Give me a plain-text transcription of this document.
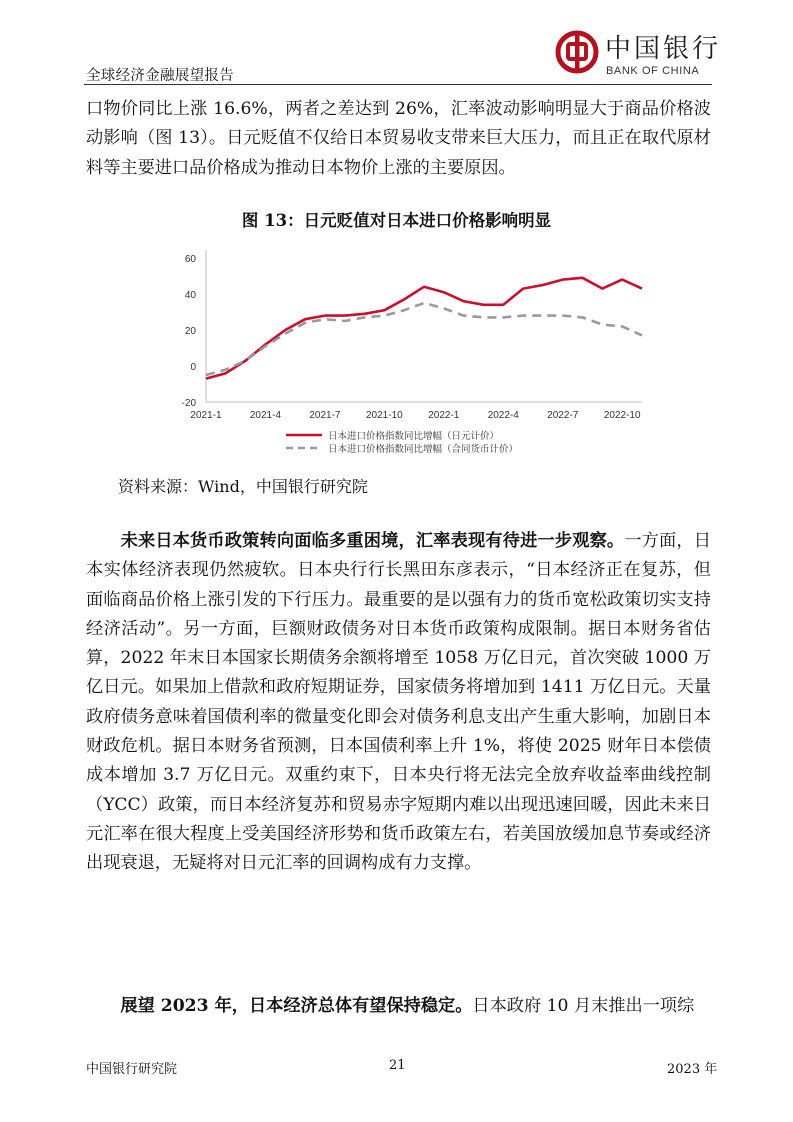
全球经济金融展望报告
中国银行
BANK OF CHINA
口物价同比上涨 16.6%，两者之差达到 26%，汇率波动影响明显大于商品价格波动影响（图 13）。日元贬值不仅给日本贸易收支带来巨大压力，而且正在取代原材料等主要进口品价格成为推动日本物价上涨的主要原因。
图 13：日元贬值对日本进口价格影响明显
60
40
20
0
-20
2021-1	2021-4	2021-7	2021-10	2022-1	2022-4	2022-7	2022-10
日本进口价格指数同比增幅（日元计价）
日本进口价格指数同比增幅（合同货币计价）
资料来源：Wind，中国银行研究院
未来日本货币政策转向面临多重困境，汇率表现有待进一步观察。一方面，日本实体经济表现仍然疲软。日本央行行长黑田东彦表示，“日本经济正在复苏，但面临商品价格上涨引发的下行压力。最重要的是以强有力的货币宽松政策切实支持经济活动”。另一方面，巨额财政债务对日本货币政策构成限制。据日本财务省估算，2022 年末日本国家长期债务余额将增至 1058 万亿日元，首次突破 1000 万亿日元。如果加上借款和政府短期证券，国家债务将增加到 1411 万亿日元。天量政府债务意味着国债利率的微量变化即会对债务利息支出产生重大影响，加剧日本财政危机。据日本财务省预测，日本国债利率上升 1%，将使 2025 财年日本偿债成本增加 3.7 万亿日元。双重约束下，日本央行将无法完全放弃收益率曲线控制（YCC）政策，而日本经济复苏和贸易赤字短期内难以出现迅速回暖，因此未来日元汇率在很大程度上受美国经济形势和货币政策左右，若美国放缓加息节奏或经济出现衰退，无疑将对日元汇率的回调构成有力支撑。
展望 2023 年，日本经济总体有望保持稳定。日本政府 10 月末推出一项综
中国银行研究院	21	2023 年
